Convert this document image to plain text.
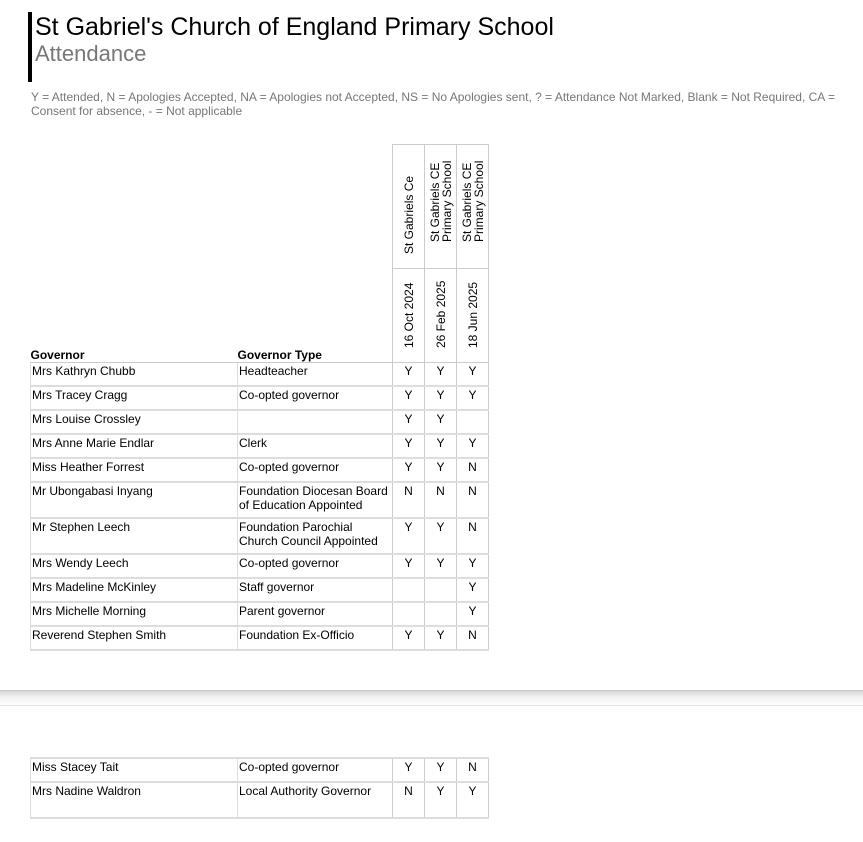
St Gabriel's Church of England Primary School
Attendance
Y = Attended, N = Apologies Accepted, NA = Apologies not Accepted, NS = No Apologies sent, ? = Attendance Not Marked, Blank = Not Required, CA = Consent for absence, - = Not applicable

		St Gabriels Ce	St Gabriels CE Primary School	St Gabriels CE Primary School

Governor	Governor Type	16 Oct 2024	26 Feb 2025	18 Jun 2025

Mrs Kathryn Chubb	Headteacher	Y	Y	Y
Mrs Tracey Cragg	Co-opted governor	Y	Y	Y
Mrs Louise Crossley		Y	Y	
Mrs Anne Marie Endlar	Clerk	Y	Y	Y
Miss Heather Forrest	Co-opted governor	Y	Y	N
Mr Ubongabasi Inyang	Foundation Diocesan Board of Education Appointed	N	N	N
Mr Stephen Leech	Foundation Parochial Church Council Appointed	Y	Y	N
Mrs Wendy Leech	Co-opted governor	Y	Y	Y
Mrs Madeline McKinley	Staff governor			Y
Mrs Michelle Morning	Parent governor			Y
Reverend Stephen Smith	Foundation Ex-Officio	Y	Y	N
Miss Stacey Tait	Co-opted governor	Y	Y	N
Mrs Nadine Waldron	Local Authority Governor	N	Y	Y
